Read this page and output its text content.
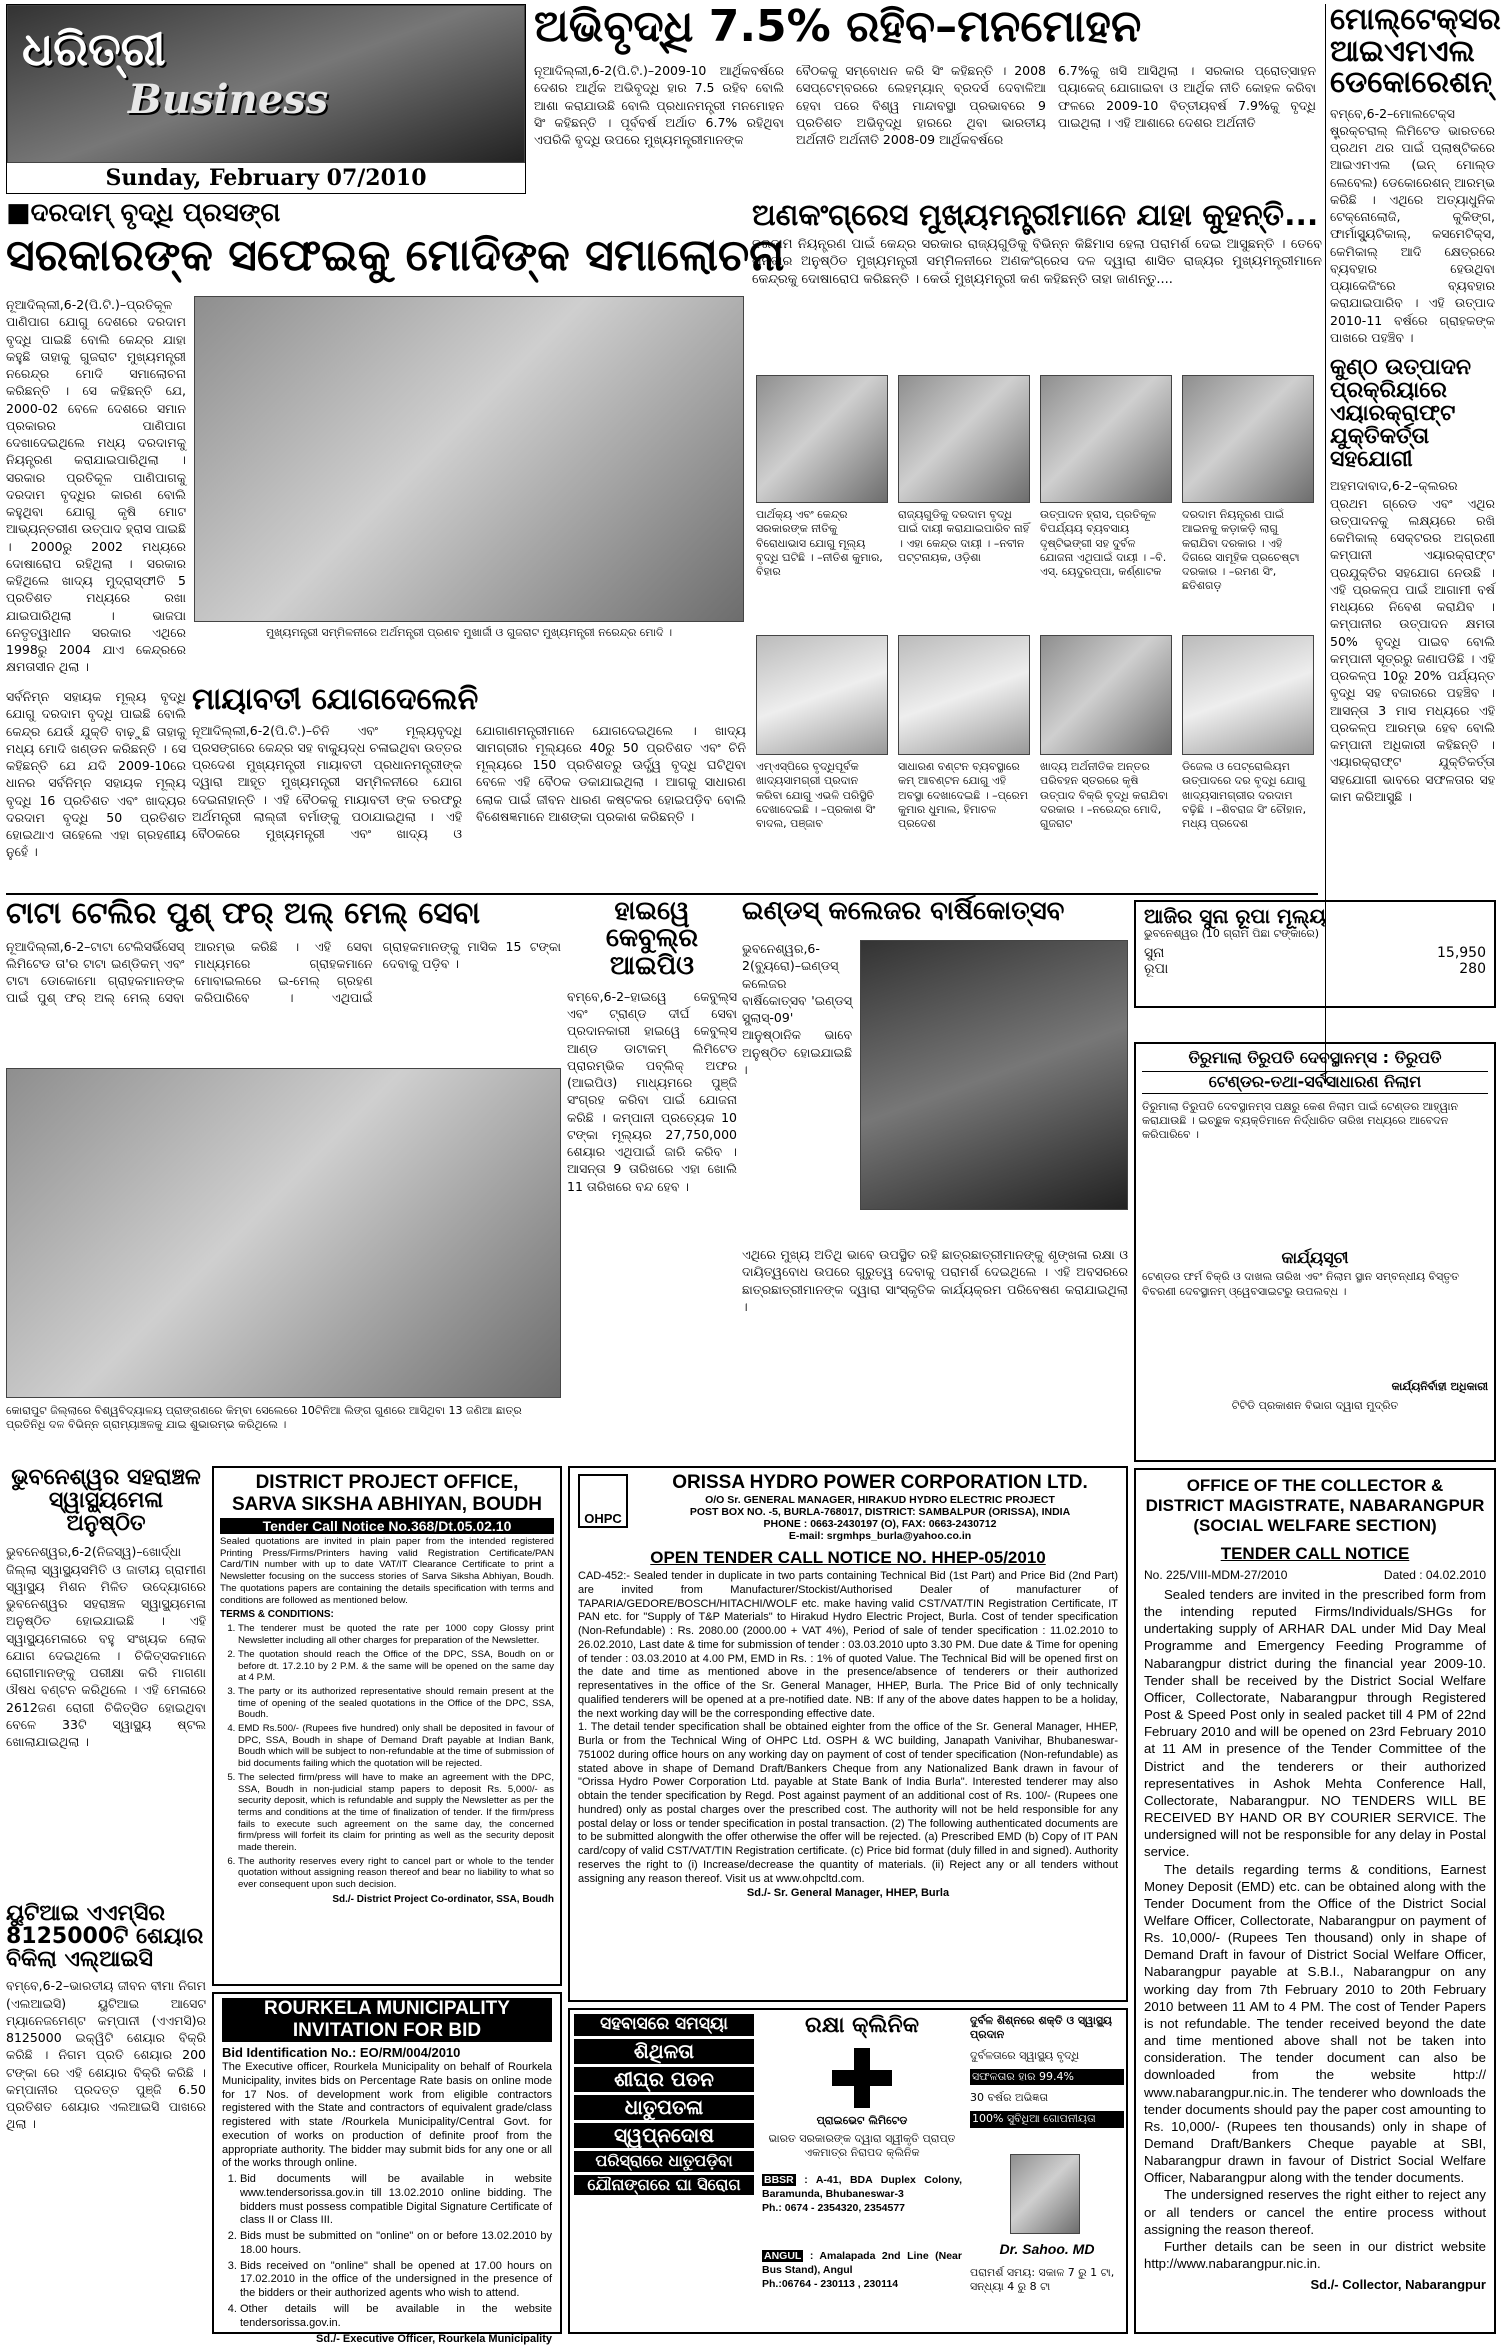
ଧରିତ୍ରୀ
Business
Sunday, February 07/2010
ଅଭିବୃଦ୍ଧି 7.5% ରହିବ–ମନମୋହନ
ନୂଆଦିଲ୍ଲୀ,6-2(ପି.ଟି.)–2009-10 ଆର୍ଥିକବର୍ଷରେ ଦେଶର ଆର୍ଥିକ ଅଭିବୃଦ୍ଧି ହାର 7.5 ରହିବ ବୋଲି ଆଶା କରାଯାଉଛି ବୋଲି ପ୍ରଧାନମନ୍ତ୍ରୀ ମନମୋହନ ସିଂ କହିଛନ୍ତି । ପୂର୍ବବର୍ଷ ଅର୍ଥାତ 6.7% ରହିଥିବା ଏପରିକି ବୃଦ୍ଧି ଉପରେ ମୁଖ୍ୟମନ୍ତ୍ରୀମାନଙ୍କ
ବୈଠକକୁ ସମ୍ବୋଧନ କରି ସିଂ କହିଛନ୍ତି । 2008 ସେପ୍ଟେମ୍ବରରେ ଲେହମ୍ୟାନ୍ ବ୍ରଦର୍ସ ଦେବାଳିଆ ହେବା ପରେ ବିଶ୍ୱ ମାନ୍ଦାବସ୍ଥା ପ୍ରଭାବରେ 9 ପ୍ରତିଶତ ଅଭିବୃଦ୍ଧି ହାରରେ ଥିବା ଭାରତୀୟ ଅର୍ଥନୀତି ଅର୍ଥନୀତି 2008-09 ଆର୍ଥିକବର୍ଷରେ
6.7%କୁ ଖସି ଆସିଥିଲା । ସରକାର ପ୍ରୋତ୍ସାହନ ପ୍ୟାକେଜ୍ ଯୋଗାଇବା ଓ ଆର୍ଥିକ ନୀତି କୋହଳ କରିବା ଫଳରେ 2009-10 ବିତ୍ତୀୟବର୍ଷ 7.9%କୁ ବୃଦ୍ଧି ପାଇଥିଲା । ଏହି ଆଶାରେ ଦେଶର ଅର୍ଥନୀତି
ମୋଲ୍‌ଟେକ୍ସର ଆଇଏମଏଲ ଡେକୋରେଶନ୍
ବମ୍ବେ,6-2–ମୋଲଟେକ୍ସ ଷ୍ଟ୍ରକ୍ଚରାଲ୍ ଲିମିଟେଡ ଭାରତରେ ପ୍ରଥମ ଥର ପାଇଁ ପ୍ଲାଷ୍ଟିକରେ ଆଇଏମଏଲ (ଇନ୍ ମୋଲ୍ଡ ଲେବେଲ) ଡେକୋରେଶନ୍ ଆରମ୍ଭ କରିଛି । ଏଥିରେ ଅତ୍ୟାଧୁନିକ ଟେକ୍ନୋଲୋଜି, କୁକିଙ୍ଗ, ଫାର୍ମାସ୍ୟୁଟିକାଲ୍, କସମେଟିକ୍ସ, କେମିକାଲ୍ ଆଦି କ୍ଷେତ୍ରରେ ବ୍ୟବହାର ହେଉଥିବା ପ୍ୟାକେଜିଂରେ ବ୍ୟବହାର କରାଯାଇପାରିବ । ଏହି ଉତ୍ପାଦ 2010-11 ବର୍ଷରେ ଗ୍ରାହକଙ୍କ ପାଖରେ ପହଞ୍ଚିବ ।
କୁଣ୍ଠ ଉତ୍ପାଦନ ପ୍ରକ୍ରିୟାରେ ଏୟାରକ୍ରାଫ୍ଟ ଯୁକ୍ତିକର୍ତ୍ତା ସହଯୋଗୀ
ଅହମଦାବାଦ,6-2–କ୍ଲରର ପ୍ରଥମ ଗ୍ରେଡ ଏବଂ ଏଥିର ଉତ୍ପାଦନକୁ ଲକ୍ଷ୍ୟରେ ରଖି କେମିକାଲ୍ ସେକ୍ଟରର ଅଗ୍ରଣୀ କମ୍ପାନୀ ଏୟାରକ୍ରାଫ୍ଟ ପ୍ରଯୁକ୍ତିର ସହଯୋଗ ନେଉଛି । ଏହି ପ୍ରକଳ୍ପ ପାଇଁ ଆଗାମୀ ବର୍ଷ ମଧ୍ୟରେ ନିବେଶ କରାଯିବ । କମ୍ପାନୀର ଉତ୍ପାଦନ କ୍ଷମତା 50% ବୃଦ୍ଧି ପାଇବ ବୋଲି କମ୍ପାନୀ ସୂତ୍ରରୁ ଜଣାପଡିଛି । ଏହି ପ୍ରକଳ୍ପ 10ରୁ 20% ପର୍ଯ୍ୟନ୍ତ ବୃଦ୍ଧି ସହ ବଜାରରେ ପହଞ୍ଚିବ । ଆସନ୍ତା 3 ମାସ ମଧ୍ୟରେ ଏହି ପ୍ରକଳ୍ପ ଆରମ୍ଭ ହେବ ବୋଲି କମ୍ପାନୀ ଅଧିକାରୀ କହିଛନ୍ତି । ଏୟାରକ୍ରାଫ୍ଟ ଯୁକ୍ତିକର୍ତ୍ତା ସହଯୋଗୀ ଭାବରେ ସଫଳତାର ସହ କାମ କରିଆସୁଛି ।
■ଦରଦାମ୍ ବୃଦ୍ଧି ପ୍ରସଙ୍ଗ
ସରକାରଙ୍କ ସଫେଇକୁ ମୋଦିଙ୍କ ସମାଲୋଚନା
ନୂଆଦିଲ୍ଲୀ,6-2(ପି.ଟି.)–ପ୍ରତିକୂଳ ପାଣିପାଗ ଯୋଗୁ ଦେଶରେ ଦରଦାମ ବୃଦ୍ଧି ପାଇଛି ବୋଲି କେନ୍ଦ୍ର ଯାହା କହୁଛି ତାହାକୁ ଗୁଜରାଟ ମୁଖ୍ୟମନ୍ତ୍ରୀ ନରେନ୍ଦ୍ର ମୋଦି ସମାଲୋଚନା କରିଛନ୍ତି । ସେ କହିଛନ୍ତି ଯେ, 2000-02 ବେଳେ ଦେଶରେ ସମାନ ପ୍ରକାରର ପାଣିପାଗ ଦେଖାଦେଇଥିଲେ ମଧ୍ୟ ଦରଦାମକୁ ନିୟନ୍ତ୍ରଣ କରାଯାଇପାରିଥିଲା । ସରକାର ପ୍ରତିକୂଳ ପାଣିପାଗକୁ ଦରଦାମ ବୃଦ୍ଧିର କାରଣ ବୋଲି କହୁଥିବା ଯୋଗୁ କୃଷି ମୋଟ ଆଭ୍ୟନ୍ତରୀଣ ଉତ୍ପାଦ ହ୍ରାସ ପାଇଛି । 2000ରୁ 2002 ମଧ୍ୟରେ ଦୋଷାରୋପ ରହିଥିଲା । ସରକାର କହିଥିଲେ ଖାଦ୍ୟ ମୁଦ୍ରାସ୍ଫୀତି 5 ପ୍ରତିଶତ ମଧ୍ୟରେ ରଖା ଯାଇପାରିଥିଲା । ଭାଜପା ନେତୃତ୍ୱାଧୀନ ସରକାର ଏଥିରେ 1998ରୁ 2004 ଯାଏ କେନ୍ଦ୍ରରେ କ୍ଷମତାସୀନ ଥିଲା ।
ମୁଖ୍ୟମନ୍ତ୍ରୀ ସମ୍ମିଳନୀରେ ଅର୍ଥମନ୍ତ୍ରୀ ପ୍ରଣବ ମୁଖାର୍ଜୀ ଓ ଗୁଜରାଟ ମୁଖ୍ୟମନ୍ତ୍ରୀ ନରେନ୍ଦ୍ର ମୋଦି ।
ଅଣକଂଗ୍ରେସ ମୁଖ୍ୟମନ୍ତ୍ରୀମାନେ ଯାହା କୁହନ୍ତି...
ଦରଦାମ ନିୟନ୍ତ୍ରଣ ପାଇଁ କେନ୍ଦ୍ର ସରକାର ରାଜ୍ୟଗୁଡିକୁ ବିଭିନ୍ନ କିଛିମାସ ହେଲା ପରାମର୍ଶ ଦେଇ ଆସୁଛନ୍ତି । ତେବେ ଶନିବାର ଅନୁଷ୍ଠିତ ମୁଖ୍ୟମନ୍ତ୍ରୀ ସମ୍ମିଳନୀରେ ଅଣକଂଗ୍ରେସ ଦଳ ଦ୍ୱାରା ଶାସିତ ରାଜ୍ୟର ମୁଖ୍ୟମନ୍ତ୍ରୀମାନେ କେନ୍ଦ୍ରକୁ ଦୋଷାରୋପ କରିଛନ୍ତି । କେଉଁ ମୁଖ୍ୟମନ୍ତ୍ରୀ କଣ କହିଛନ୍ତି ତାହା ଜାଣନ୍ତୁ....
ପାର୍ଥକ୍ୟ ଏବଂ କେନ୍ଦ୍ର ସରକାରଙ୍କ ନୀତିକୁ ବିରୋଧାଭାସ ଯୋଗୁ ମୂଲ୍ୟ ବୃଦ୍ଧି ଘଟିଛି । –ନୀତିଶ କୁମାର, ବିହାର
ରାଜ୍ୟଗୁଡିକୁ ଦରଦାମ ବୃଦ୍ଧି ପାଇଁ ଦାୟୀ କରାଯାଇପାରିବ ନାହିଁ । ଏହା କେନ୍ଦ୍ର ଦାୟୀ । –ନବୀନ ପଟ୍ଟନାୟକ, ଓଡ଼ିଶା
ଉତ୍ପାଦନ ହ୍ରାସ, ପ୍ରତିକୂଳ ବିପର୍ଯ୍ୟୟ ବ୍ୟବସାୟ ଦୃଷ୍ଟିଭଙ୍ଗୀ ସହ ଦୁର୍ବଳ ଯୋଜନା ଏଥିପାଇଁ ଦାୟୀ । –ବି. ଏସ୍. ୟେଦୁରପ୍ପା, କର୍ଣ୍ଣାଟକ
ଦରଦାମ ନିୟନ୍ତ୍ରଣ ପାଇଁ ଆଇନକୁ କଡ଼ାକଡ଼ି ଲାଗୁ କରାଯିବା ଦରକାର । ଏହି ଦିଗରେ ସାମୂହିକ ପ୍ରଚେଷ୍ଟା ଦରକାର । –ରମଣ ସିଂ, ଛତିଶଗଡ଼
ଏମ୍‌ଏସ୍‌ପିରେ ବୃଦ୍ଧିପୂର୍ବକ ଖାଦ୍ୟସାମଗ୍ରୀ ପ୍ରଦାନ କରିବା ଯୋଗୁ ଏଭଳି ପରିସ୍ଥିତି ଦେଖାଦେଇଛି । –ପ୍ରକାଶ ସିଂ ବାଦଲ, ପଞ୍ଜାବ
ସାଧାରଣ ବଣ୍ଟନ ବ୍ୟବସ୍ଥାରେ କମ୍ ଆବଣ୍ଟନ ଯୋଗୁ ଏହି ଅବସ୍ଥା ଦେଖାଦେଇଛି । –ପ୍ରେମ କୁମାର ଧୁମାଲ, ହିମାଚଳ ପ୍ରଦେଶ
ଖାଦ୍ୟ ଅର୍ଥନୀତିକ ଅନ୍ତର ପରିବହନ ସ୍ତରରେ କୃଷି ଉତ୍ପାଦ ବିକ୍ରି ବୃଦ୍ଧି କରାଯିବା ଦରକାର । –ନରେନ୍ଦ୍ର ମୋଦି, ଗୁଜରାଟ
ଡିଜେଲ ଓ ପେଟ୍ରୋଲିୟମ ଉତ୍ପାଦରେ ଦର ବୃଦ୍ଧି ଯୋଗୁ ଖାଦ୍ୟସାମଗ୍ରୀର ଦରଦାମ ବଢ଼ିଛି । –ଶିବରାଜ ସିଂ ଚୌହାନ, ମଧ୍ୟ ପ୍ରଦେଶ
ସର୍ବନିମ୍ନ ସହାୟକ ମୂଲ୍ୟ ବୃଦ୍ଧି ଯୋଗୁ ଦରଦାମ ବୃଦ୍ଧି ପାଇଛି ବୋଲି କେନ୍ଦ୍ର ଯେଉଁ ଯୁକ୍ତି ବାଢ଼ୁଛି ତାହାକୁ ମଧ୍ୟ ମୋଦି ଖଣ୍ଡନ କରିଛନ୍ତି । ସେ କହିଛନ୍ତି ଯେ ଯଦି 2009-10ରେ ଧାନର ସର୍ବନିମ୍ନ ସହାୟକ ମୂଲ୍ୟ ବୃଦ୍ଧି 16 ପ୍ରତିଶତ ଏବଂ ଖାଦ୍ୟର ଦରଦାମ ବୃଦ୍ଧି 50 ପ୍ରତିଶତ ହୋଇଥାଏ ତାହେଲେ ଏହା ଗ୍ରହଣୀୟ ନୁହେଁ ।
ମାୟାବତୀ ଯୋଗଦେଲେନି
ନୂଆଦିଲ୍ଲୀ,6-2(ପି.ଟି.)–ଚିନି ଏବଂ ମୂଲ୍ୟବୃଦ୍ଧି ପ୍ରସଙ୍ଗରେ କେନ୍ଦ୍ର ସହ ବାକ୍ୟୁଦ୍ଧ ଚଳାଇଥିବା ଉତ୍ତର ପ୍ରଦେଶ ମୁଖ୍ୟମନ୍ତ୍ରୀ ମାୟାବତୀ ପ୍ରଧାନମନ୍ତ୍ରୀଙ୍କ ଦ୍ୱାରା ଆହୂତ ମୁଖ୍ୟମନ୍ତ୍ରୀ ସମ୍ମିଳନୀରେ ଯୋଗ ଦେଇନାହାନ୍ତି । ଏହି ବୈଠକକୁ ମାୟାବତୀ ଙ୍କ ତରଫରୁ ଅର୍ଥମନ୍ତ୍ରୀ ଲାଲ୍‌ଜୀ ବର୍ମାଙ୍କୁ ପଠାଯାଇଥିଲା । ଏହି ବୈଠକରେ ମୁଖ୍ୟମନ୍ତ୍ରୀ ଏବଂ ଖାଦ୍ୟ ଓ ଯୋଗାଣମନ୍ତ୍ରୀମାନେ ଯୋଗଦେଇଥିଲେ । ଖାଦ୍ୟ ସାମଗ୍ରୀର ମୂଲ୍ୟରେ 40ରୁ 50 ପ୍ରତିଶତ ଏବଂ ଚିନି ମୂଲ୍ୟରେ 150 ପ୍ରତିଶତରୁ ଊର୍ଦ୍ଧ୍ୱ ବୃଦ୍ଧି ଘଟିଥିବା ବେଳେ ଏହି ବୈଠକ ଡକାଯାଇଥିଲା । ଆଗକୁ ସାଧାରଣ ଲୋକ ପାଇଁ ଜୀବନ ଧାରଣ କଷ୍ଟକର ହୋଇପଡ଼ିବ ବୋଲି ବିଶେଷଜ୍ଞମାନେ ଆଶଙ୍କା ପ୍ରକାଶ କରିଛନ୍ତି ।
ଟାଟା ଟେଲିର ପୁଶ୍ ଫର୍ ଅଲ୍ ମେଲ୍ ସେବା
ନୂଆଦିଲ୍ଲୀ,6-2–ଟାଟା ଟେଲିସର୍ଭିସେସ୍ ଲିମିଟେଡ ତା'ର ଟାଟା ଇଣ୍ଡିକମ୍ ଏବଂ ଟାଟା ଡୋକୋମୋ ଗ୍ରାହକମାନଙ୍କ ପାଇଁ ପୁଶ୍ ଫର୍ ଅଲ୍ ମେଲ୍ ସେବା ଆରମ୍ଭ କରିଛି । ଏହି ସେବା ମାଧ୍ୟମରେ ଗ୍ରାହକମାନେ ମୋବାଇଲରେ ଇ-ମେଲ୍ ଗ୍ରହଣ କରିପାରିବେ । ଏଥିପାଇଁ ଗ୍ରାହକମାନଙ୍କୁ ମାସିକ 15 ଟଙ୍କା ଦେବାକୁ ପଡ଼ିବ ।
କୋରାପୁଟ ଜିଲ୍ଲାରେ ବିଶ୍ୱବିଦ୍ୟାଳୟ ପ୍ରାଙ୍ଗଣରେ କିମ୍ବା ସେଲେରେ 10ଟିନିଆ ଲିଙ୍ଗ ଗୁଣରେ ଆସିଥିବା 13 ଜଣିଆ ଛାତ୍ର ପ୍ରତିନିଧି ଦଳ ବିଭିନ୍ନ ଗ୍ରାମ୍ୟାଞ୍ଚଳକୁ ଯାଇ ଶୁଭାରମ୍ଭ କରିଥିଲେ ।
ହାଇୱେ କେବୁଲ୍‌ର ଆଇପିଓ
ବମ୍ବେ,6-2–ହାଇୱେ କେବୁଲ୍ସ ଏବଂ ଟ୍ରାଣ୍ଡ ଦୀର୍ଘ ସେବା ପ୍ରଦାନକାରୀ ହାଇୱେ କେବୁଲ୍ସ ଆଣ୍ଡ ଡାଟାକମ୍ ଲିମିଟେଡ ପ୍ରାରମ୍ଭିକ ପବ୍ଲିକ୍ ଅଫର (ଆଇପିଓ) ମାଧ୍ୟମରେ ପୁଞ୍ଜି ସଂଗ୍ରହ କରିବା ପାଇଁ ଯୋଜନା କରିଛି । କମ୍ପାନୀ ପ୍ରତ୍ୟେକ 10 ଟଙ୍କା ମୂଲ୍ୟର 27,750,000 ଶେୟାର ଏଥିପାଇଁ ଜାରି କରିବ । ଆସନ୍ତା 9 ତାରିଖରେ ଏହା ଖୋଲି 11 ତାରିଖରେ ବନ୍ଦ ହେବ ।
ଇଣ୍ଡସ୍ କଲେଜର ବାର୍ଷିକୋତ୍ସବ
ଭୁବନେଶ୍ୱର,6-2(ବ୍ୟୁରୋ)–ଇଣ୍ଡସ୍ କଲେଜର ବାର୍ଷିକୋତ୍ସବ 'ଇଣ୍ଡସ୍ ସ୍ପ୍ଲାସ୍-09' ଆନୁଷ୍ଠାନିକ ଭାବେ ଅନୁଷ୍ଠିତ ହୋଇଯାଇଛି ।
ଏଥିରେ ମୁଖ୍ୟ ଅତିଥି ଭାବେ ଉପସ୍ଥିତ ରହି ଛାତ୍ରଛାତ୍ରୀମାନଙ୍କୁ ଶୃଙ୍ଖଳା ରକ୍ଷା ଓ ଦାୟିତ୍ୱବୋଧ ଉପରେ ଗୁରୁତ୍ୱ ଦେବାକୁ ପରାମର୍ଶ ଦେଇଥିଲେ । ଏହି ଅବସରରେ ଛାତ୍ରଛାତ୍ରୀମାନଙ୍କ ଦ୍ୱାରା ସାଂସ୍କୃତିକ କାର୍ଯ୍ୟକ୍ରମ ପରିବେଷଣ କରାଯାଇଥିଲା ।
ଆଜିର ସୁନା ରୂପା ମୂଲ୍ୟ
ଭୁବନେଶ୍ୱର (10 ଗ୍ରାମ ପିଛା ଟଙ୍କାରେ)
ସୁନା	15,950
ରୂପା	280
ତିରୁମାଲା ତିରୁପତି ଦେବସ୍ଥାନମ୍ସ : ତିରୁପତି
ଟେଣ୍ଡର-ତଥା-ସର୍ବସାଧାରଣ ନିଲାମ
ତିରୁମାଲା ତିରୁପତି ଦେବସ୍ଥାନମ୍ସ ପକ୍ଷରୁ କେଶ ନିଲାମ ପାଇଁ ଟେଣ୍ଡର ଆହ୍ୱାନ କରାଯାଉଛି । ଇଚ୍ଛୁକ ବ୍ୟକ୍ତିମାନେ ନିର୍ଦ୍ଧାରିତ ତାରିଖ ମଧ୍ୟରେ ଆବେଦନ କରିପାରିବେ ।
କାର୍ଯ୍ୟସୂଚୀ
ଟେଣ୍ଡର ଫର୍ମ ବିକ୍ରି ଓ ଦାଖଲ ତାରିଖ ଏବଂ ନିଲାମ ସ୍ଥାନ ସମ୍ବନ୍ଧୀୟ ବିସ୍ତୃତ ବିବରଣୀ ଦେବସ୍ଥାନମ୍ ଓ୍ୱେବସାଇଟରୁ ଉପଲବ୍ଧ ।
କାର୍ଯ୍ୟନିର୍ବାହୀ ଅଧିକାରୀ
ଟିଟିଡି ପ୍ରକାଶନ ବିଭାଗ ଦ୍ୱାରା ମୁଦ୍ରିତ
ଭୁବନେଶ୍ୱର ସହରାଞ୍ଚଳ ସ୍ୱାସ୍ଥ୍ୟମେଳା ଅନୁଷ୍ଠିତ
ଭୁବନେଶ୍ୱର,6-2(ନିଜସ୍ୱ)–ଖୋର୍ଦ୍ଧା ଜିଲ୍ଲା ସ୍ୱାସ୍ଥ୍ୟସମିତି ଓ ଜାତୀୟ ଗ୍ରାମୀଣ ସ୍ୱାସ୍ଥ୍ୟ ମିଶନ ମିଳିତ ଉଦ୍ୟୋଗରେ ଭୁବନେଶ୍ୱର ସହରାଞ୍ଚଳ ସ୍ୱାସ୍ଥ୍ୟମେଳା ଅନୁଷ୍ଠିତ ହୋଇଯାଇଛି । ଏହି ସ୍ୱାସ୍ଥ୍ୟମେଳାରେ ବହୁ ସଂଖ୍ୟକ ଲୋକ ଯୋଗ ଦେଇଥିଲେ । ଚିକିତ୍ସକମାନେ ରୋଗୀମାନଙ୍କୁ ପରୀକ୍ଷା କରି ମାଗଣା ଔଷଧ ବଣ୍ଟନ କରିଥିଲେ । ଏହି ମେଳାରେ 2612ଜଣ ରୋଗୀ ଚିକିତ୍ସିତ ହୋଇଥିବା ବେଳେ 33ଟି ସ୍ୱାସ୍ଥ୍ୟ ଷ୍ଟଲ ଖୋଲାଯାଇଥିଲା ।
ୟୁଟିଆଇ ଏଏମ୍‌ସିର 8125000ଟି ଶେୟାର ବିକିଲା ଏଲ୍‌ଆଇସି
ବମ୍ବେ,6-2–ଭାରତୀୟ ଜୀବନ ବୀମା ନିଗମ (ଏଲଆଇସି) ୟୁଟିଆଇ ଆସେଟ ମ୍ୟାନେଜମେଣ୍ଟ କମ୍ପାନୀ (ଏଏମସି)ର 8125000 ଇକ୍ୱିଟି ଶେୟାର ବିକ୍ରି କରିଛି । ନିଗମ ପ୍ରତି ଶେୟାର 200 ଟଙ୍କା ରେ ଏହି ଶେୟାର ବିକ୍ରି କରିଛି । କମ୍ପାନୀର ପ୍ରଦତ୍ତ ପୁଞ୍ଜି 6.50 ପ୍ରତିଶତ ଶେୟାର ଏଲଆଇସି ପାଖରେ ଥିଲା ।
DISTRICT PROJECT OFFICE,
SARVA SIKSHA ABHIYAN, BOUDH
Tender Call Notice No.368/Dt.05.02.10
Sealed quotations are invited in plain paper from the intended registered Printing Press/Firms/Printers having valid Registration Certificate/PAN Card/TIN number with up to date VAT/IT Clearance Certificate to print a Newsletter focusing on the success stories of Sarva Siksha Abhiyan, Boudh. The quotations papers are containing the details specification with terms and conditions are followed as mentioned below.
TERMS & CONDITIONS:
1. The tenderer must be quoted the rate per 1000 copy Glossy print Newsletter including all other charges for preparation of the Newsletter.
2. The quotation should reach the Office of the DPC, SSA, Boudh on or before dt. 17.2.10 by 2 P.M. & the same will be opened on the same day at 4 P.M.
3. The party or its authorized representative should remain present at the time of opening of the sealed quotations in the Office of the DPC, SSA, Boudh.
4. EMD Rs.500/- (Rupees five hundred) only shall be deposited in favour of DPC, SSA, Boudh in shape of Demand Draft payable at Indian Bank, Boudh which will be subject to non-refundable at the time of submission of bid documents failing which the quotation will be rejected.
5. The selected firm/press will have to make an agreement with the DPC, SSA, Boudh in non-judicial stamp papers to deposit Rs. 5,000/- as security deposit, which is refundable and supply the Newsletter as per the terms and conditions at the time of finalization of tender. If the firm/press fails to execute such agreement on the same day, the concerned firm/press will forfeit its claim for printing as well as the security deposit made therein.
6. The authority reserves every right to cancel part or whole to the tender quotation without assigning reason thereof and bear no liability to what so ever consequent upon such decision.
Sd./- District Project Co-ordinator, SSA, Boudh
ROURKELA MUNICIPALITY
INVITATION FOR BID
Bid Identification No.: EO/RM/004/2010
The Executive officer, Rourkela Municipality on behalf of Rourkela Municipality, invites bids on Percentage Rate basis on online mode for 17 Nos. of development work from eligible contractors registered with the State and contractors of equivalent grade/class registered with state /Rourkela Municipality/Central Govt. for execution of works on production of definite proof from the appropriate authority. The bidder may submit bids for any one or all of the works through online.
1. Bid documents will be available in website www.tendersorissa.gov.in till 13.02.2010 online bidding. The bidders must possess compatible Digital Signature Certificate of class II or Class III.
2. Bids must be submitted on "online" on or before 13.02.2010 by 18.00 hours.
3. Bids received on "online" shall be opened at 17.00 hours on 17.02.2010 in the office of the undersigned in the presence of the bidders or their authorized agents who wish to attend.
4. Other details will be available in the website tendersorissa.gov.in.
Sd./- Executive Officer, Rourkela Municipality
OHPC
ORISSA HYDRO POWER CORPORATION LTD.
O/O Sr. GENERAL MANAGER, HIRAKUD HYDRO ELECTRIC PROJECT
POST BOX NO. -5, BURLA-768017, DISTRICT: SAMBALPUR (ORISSA), INDIA
PHONE : 0663-2430197 (O), FAX: 0663-2430712
E-mail: srgmhps_burla@yahoo.co.in
OPEN TENDER CALL NOTICE NO. HHEP-05/2010
CAD-452:- Sealed tender in duplicate in two parts containing Technical Bid (1st Part) and Price Bid (2nd Part) are invited from Manufacturer/Stockist/Authorised Dealer of manufacturer of TAPARIA/GEDORE/BOSCH/HITACHI/WOLF etc. make having valid CST/VAT/TIN Registration Certificate, IT PAN etc. for "Supply of T&P Materials" to Hirakud Hydro Electric Project, Burla. Cost of tender specification (Non-Refundable) : Rs. 2080.00 (2000.00 + VAT 4%), Period of sale of tender specification : 11.02.2010 to 26.02.2010, Last date & time for submission of tender : 03.03.2010 upto 3.30 PM. Due date & Time for opening of tender : 03.03.2010 at 4.00 PM, EMD in Rs. : 1% of quoted Value. The Technical Bid will be opened first on the date and time as mentioned above in the presence/absence of tenderers or their authorized representatives in the office of the Sr. General Manager, HHEP, Burla. The Price Bid of only technically qualified tenderers will be opened at a pre-notified date. NB: If any of the above dates happen to be a holiday, the next working day will be the corresponding effective date.
1. The detail tender specification shall be obtained eighter from the office of the Sr. General Manager, HHEP, Burla or from the Technical Wing of OHPC Ltd. OSPH & WC building, Janapath Vanivihar, Bhubaneswar-751002 during office hours on any working day on payment of cost of tender specification (Non-refundable) as stated above in shape of Demand Draft/Bankers Cheque from any Nationalized Bank drawn in favour of "Orissa Hydro Power Corporation Ltd. payable at State Bank of India Burla". Interested tenderer may also obtain the tender specification by Regd. Post against payment of an additional cost of Rs. 100/- (Rupees one hundred) only as postal charges over the prescribed cost. The authority will not be held responsible for any postal delay or loss or tender specification in postal transaction. (2) The following authenticated documents are to be submitted alongwith the offer otherwise the offer will be rejected. (a) Prescribed EMD (b) Copy of IT PAN card/copy of valid CST/VAT/TIN Registration certificate. (c) Price bid format (duly filled in and signed). Authority reserves the right to (i) Increase/decrease the quantity of materials. (ii) Reject any or all tenders without assigning any reason thereof. Visit us at www.ohpcltd.com.
Sd./- Sr. General Manager, HHEP, Burla
ସହବାସରେ ସମସ୍ୟା
ଶିଥିଳତା
ଶୀଘ୍ର ପତନ
ଧାତୁପତଳା
ସ୍ୱପ୍ନଦୋଷ
ପରିସ୍ରାରେ ଧାତୁପଡ଼ିବା
ଯୌନାଙ୍ଗରେ ଘା ସିରୋଗ
ରକ୍ଷା କ୍ଲିନିକ
ପ୍ରାଇଭେଟ ଲିମିଟେଡ
ଭାରତ ସରକାରଙ୍କ ଦ୍ୱାରା ସ୍ୱୀକୃତି ପ୍ରାପ୍ତ ଏକମାତ୍ର ନିରାପଦ କ୍ଲିନିକ
BBSR : A-41, BDA Duplex Colony, Baramunda, Bhubaneswar-3
Ph.: 0674 - 2354320, 2354577
ANGUL : Amalapada 2nd Line (Near Bus Stand), Angul
Ph.:06764 - 230113 , 230114
ଦୁର୍ବଳ ଶିଶ୍ନରେ ଶକ୍ତି ଓ ସ୍ୱାସ୍ଥ୍ୟ ପ୍ରଦାନ
ଦୁର୍ବଳତାରେ ସ୍ୱାସ୍ଥ୍ୟ ବୃଦ୍ଧି
ସଫଳତାର ହାର 99.4%
30 ବର୍ଷର ଅଭିଜ୍ଞତା
100% ସୁବିଧିଆ ଗୋପନୀୟତା
Dr. Sahoo. MD
ପରାମର୍ଶ ସମୟ: ସକାଳ 7 ରୁ 1 ଟା, ସନ୍ଧ୍ୟା 4 ରୁ 8 ଟା
OFFICE OF THE COLLECTOR &
DISTRICT MAGISTRATE, NABARANGPUR
(SOCIAL WELFARE SECTION)
TENDER CALL NOTICE
No. 225/VIII-MDM-27/2010	Dated : 04.02.2010
Sealed tenders are invited in the prescribed form from the intending reputed Firms/Individuals/SHGs for undertaking supply of ARHAR DAL under Mid Day Meal Programme and Emergency Feeding Programme of Nabarangpur district during the financial year 2009-10. Tender shall be received by the District Social Welfare Officer, Collectorate, Nabarangpur through Registered Post & Speed Post only in sealed packet till 4 PM of 22nd February 2010 and will be opened on 23rd February 2010 at 11 AM in presence of the Tender Committee of the District and the tenderers or their authorized representatives in Ashok Mehta Conference Hall, Collectorate, Nabarangpur. NO TENDERS WILL BE RECEIVED BY HAND OR BY COURIER SERVICE. The undersigned will not be responsible for any delay in Postal service.
The details regarding terms & conditions, Earnest Money Deposit (EMD) etc. can be obtained along with the Tender Document from the Office of the District Social Welfare Officer, Collectorate, Nabarangpur on payment of Rs. 10,000/- (Rupees Ten thousand) only in shape of Demand Draft in favour of District Social Welfare Officer, Nabarangpur payable at S.B.I., Nabarangpur on any working day from 7th February 2010 to 20th February 2010 between 11 AM to 4 PM. The cost of Tender Papers is not refundable. The tender received beyond the date and time mentioned above shall not be taken into consideration. The tender document can also be downloaded from the website http:// www.nabarangpur.nic.in. The tenderer who downloads the tender documents should pay the paper cost amounting to Rs. 10,000/- (Rupees ten thousands) only in shape of Demand Draft/Bankers Cheque payable at SBI, Nabarangpur drawn in favour of District Social Welfare Officer, Nabarangpur along with the tender documents.
The undersigned reserves the right either to reject any or all tenders or cancel the entire process without assigning the reason thereof.
Further details can be seen in our district website http://www.nabarangpur.nic.in.
Sd./- Collector, Nabarangpur
